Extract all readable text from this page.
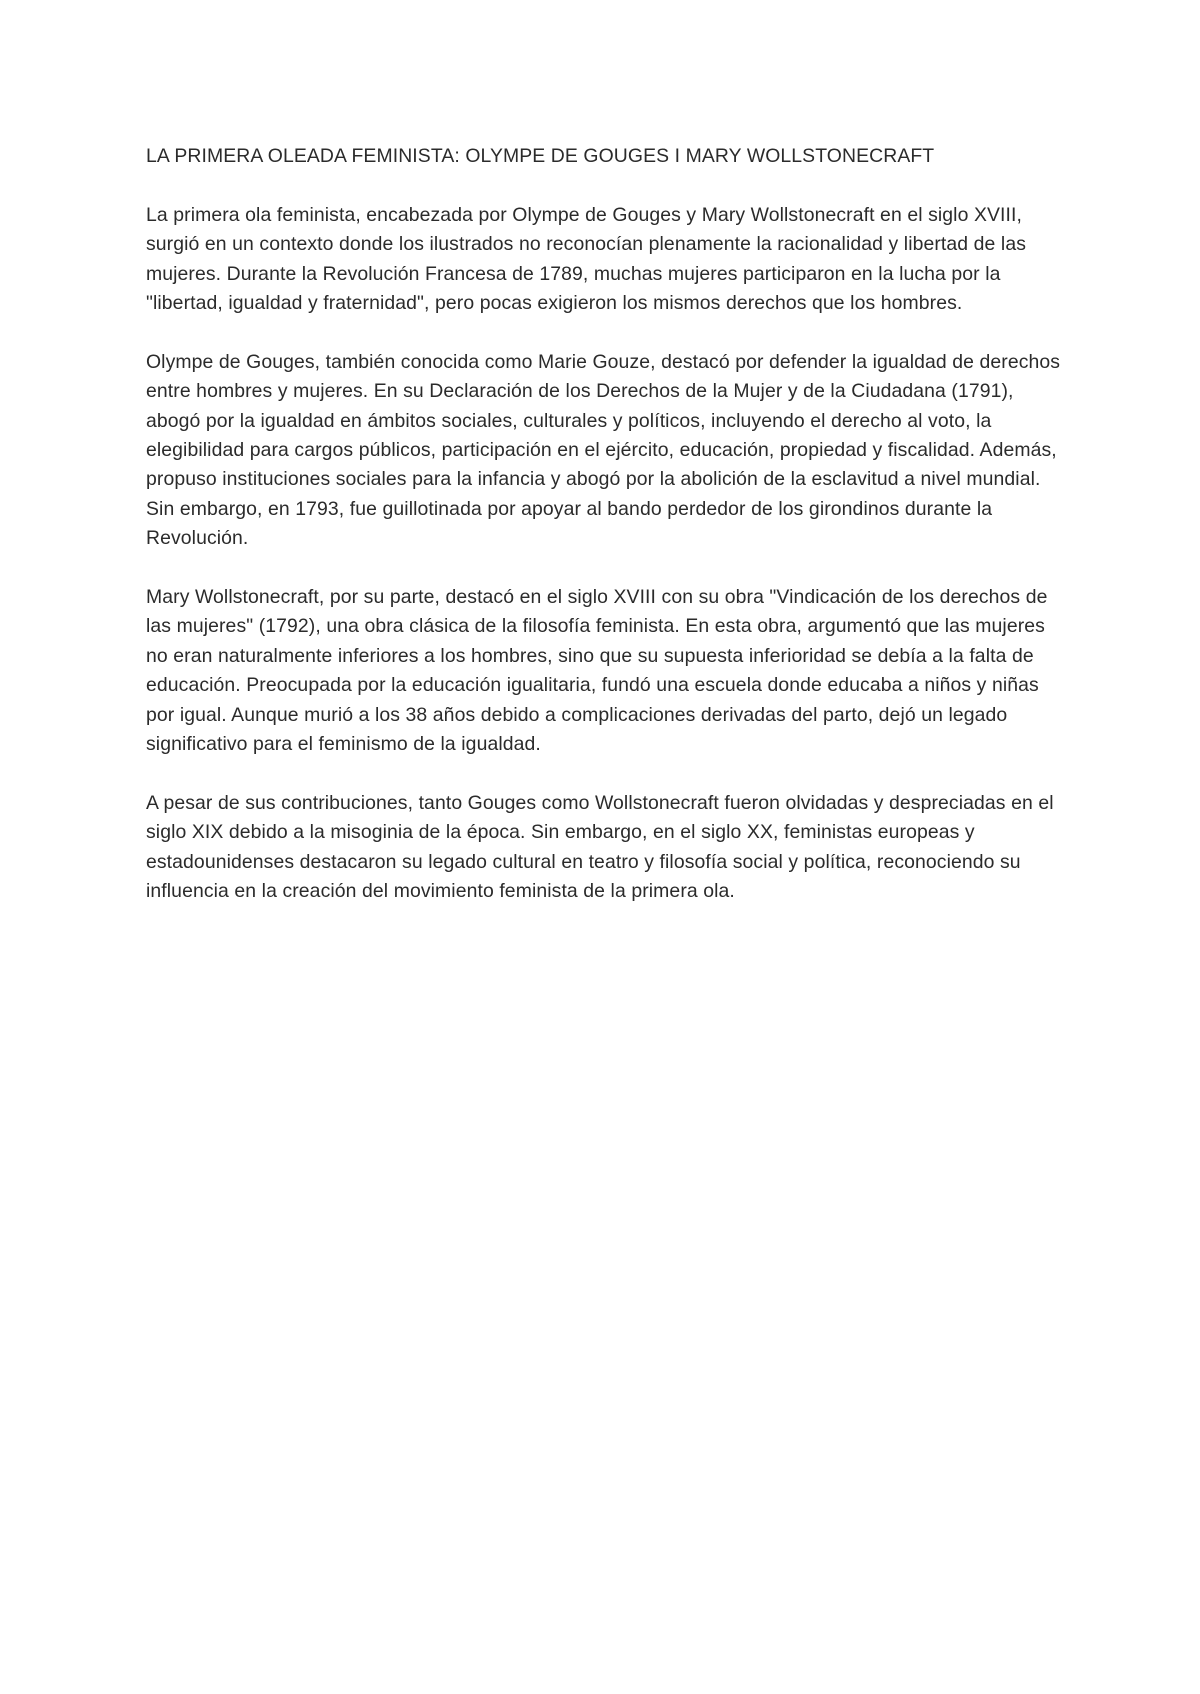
LA PRIMERA OLEADA FEMINISTA: OLYMPE DE GOUGES I MARY WOLLSTONECRAFT

La primera ola feminista, encabezada por Olympe de Gouges y Mary Wollstonecraft en el siglo XVIII, surgió en un contexto donde los ilustrados no reconocían plenamente la racionalidad y libertad de las mujeres. Durante la Revolución Francesa de 1789, muchas mujeres participaron en la lucha por la "libertad, igualdad y fraternidad", pero pocas exigieron los mismos derechos que los hombres.

Olympe de Gouges, también conocida como Marie Gouze, destacó por defender la igualdad de derechos entre hombres y mujeres. En su Declaración de los Derechos de la Mujer y de la Ciudadana (1791), abogó por la igualdad en ámbitos sociales, culturales y políticos, incluyendo el derecho al voto, la elegibilidad para cargos públicos, participación en el ejército, educación, propiedad y fiscalidad. Además, propuso instituciones sociales para la infancia y abogó por la abolición de la esclavitud a nivel mundial. Sin embargo, en 1793, fue guillotinada por apoyar al bando perdedor de los girondinos durante la Revolución.

Mary Wollstonecraft, por su parte, destacó en el siglo XVIII con su obra "Vindicación de los derechos de las mujeres" (1792), una obra clásica de la filosofía feminista. En esta obra, argumentó que las mujeres no eran naturalmente inferiores a los hombres, sino que su supuesta inferioridad se debía a la falta de educación. Preocupada por la educación igualitaria, fundó una escuela donde educaba a niños y niñas por igual. Aunque murió a los 38 años debido a complicaciones derivadas del parto, dejó un legado significativo para el feminismo de la igualdad.

A pesar de sus contribuciones, tanto Gouges como Wollstonecraft fueron olvidadas y despreciadas en el siglo XIX debido a la misoginia de la época. Sin embargo, en el siglo XX, feministas europeas y estadounidenses destacaron su legado cultural en teatro y filosofía social y política, reconociendo su influencia en la creación del movimiento feminista de la primera ola.
